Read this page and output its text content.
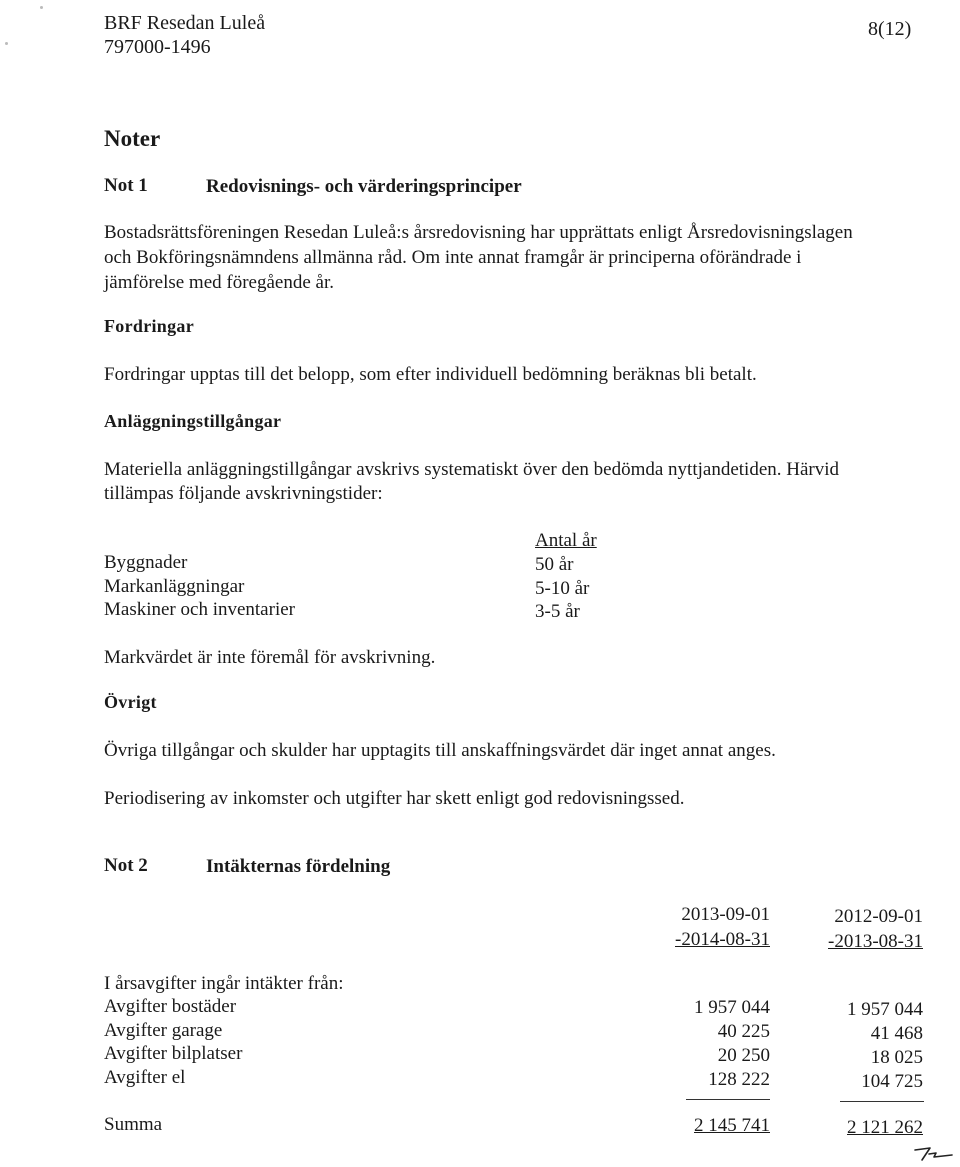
BRF Resedan Luleå
797000-1496
8(12)
Noter
Not 1	Redovisnings- och värderingsprinciper
Bostadsrättsföreningen Resedan Luleå:s årsredovisning har upprättats enligt Årsredovisningslagen
och Bokföringsnämndens allmänna råd. Om inte annat framgår är principerna oförändrade i
jämförelse med föregående år.
Fordringar
Fordringar upptas till det belopp, som efter individuell bedömning beräknas bli betalt.
Anläggningstillgångar
Materiella anläggningstillgångar avskrivs systematiskt över den bedömda nyttjandetiden. Härvid
tillämpas följande avskrivningstider:
Antal år
Byggnader	50 år
Markanläggningar	5-10 år
Maskiner och inventarier	3-5 år
Markvärdet är inte föremål för avskrivning.
Övrigt
Övriga tillgångar och skulder har upptagits till anskaffningsvärdet där inget annat anges.
Periodisering av inkomster och utgifter har skett enligt god redovisningssed.
Not 2	Intäkternas fördelning
2013-09-01
-2014-08-31
2012-09-01
-2013-08-31
I årsavgifter ingår intäkter från:
Avgifter bostäder	1 957 044	1 957 044
Avgifter garage	40 225	41 468
Avgifter bilplatser	20 250	18 025
Avgifter el	128 222	104 725
Summa	2 145 741	2 121 262
